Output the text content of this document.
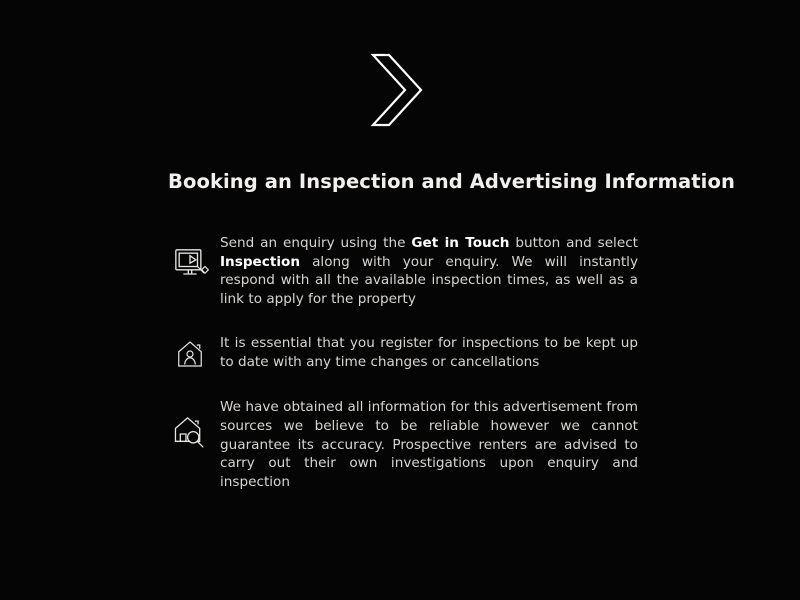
Booking an Inspection and Advertising Information
Send an enquiry using the Get in Touch button and select Inspection along with your enquiry. We will instantly respond with all the available inspection times, as well as a link to apply for the property
It is essential that you register for inspections to be kept up to date with any time changes or cancellations
We have obtained all information for this advertisement from sources we believe to be reliable however we cannot guarantee its accuracy. Prospective renters are advised to carry out their own investigations upon enquiry and inspection
